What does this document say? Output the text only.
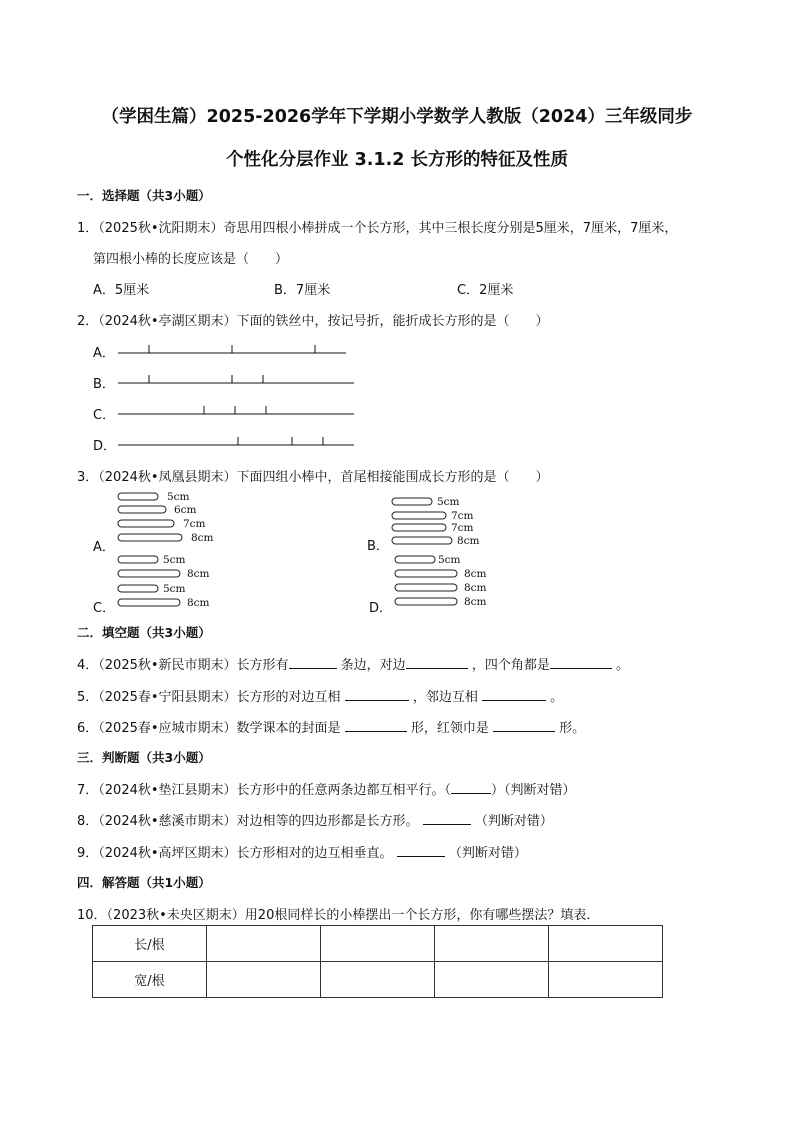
（学困生篇）2025-2026学年下学期小学数学人教版（2024）三年级同步
个性化分层作业 3.1.2 长方形的特征及性质
一．选择题（共3小题）
1．（2025秋•沈阳期末）奇思用四根小棒拼成一个长方形，其中三根长度分别是5厘米，7厘米，7厘米，
第四根小棒的长度应该是（　　）
A．5厘米	B．7厘米	C．2厘米
2．（2024秋•亭湖区期末）下面的铁丝中，按记号折，能折成长方形的是（　　）
A．
B．
C．
D．
3．（2024秋•凤凰县期末）下面四组小棒中，首尾相接能围成长方形的是（　　）
5cm
6cm
7cm
8cm
A．
5cm
7cm
7cm
8cm
B．
5cm
8cm
5cm
8cm
C．
5cm
8cm
8cm
8cm
D．
二．填空题（共3小题）
4．（2025秋•新民市期末）长方形有	条边，对边	，四个角都是	。
5．（2025春•宁阳县期末）长方形的对边互相	，邻边互相	。
6．（2025春•应城市期末）数学课本的封面是	形，红领巾是	形。
三．判断题（共3小题）
7．（2024秋•垫江县期末）长方形中的任意两条边都互相平行。（	）（判断对错）
8．（2024秋•慈溪市期末）对边相等的四边形都是长方形。	（判断对错）
9．（2024秋•高坪区期末）长方形相对的边互相垂直。	（判断对错）
四．解答题（共1小题）
10．（2023秋•未央区期末）用20根同样长的小棒摆出一个长方形，你有哪些摆法？填表．
长/根				
宽/根				
